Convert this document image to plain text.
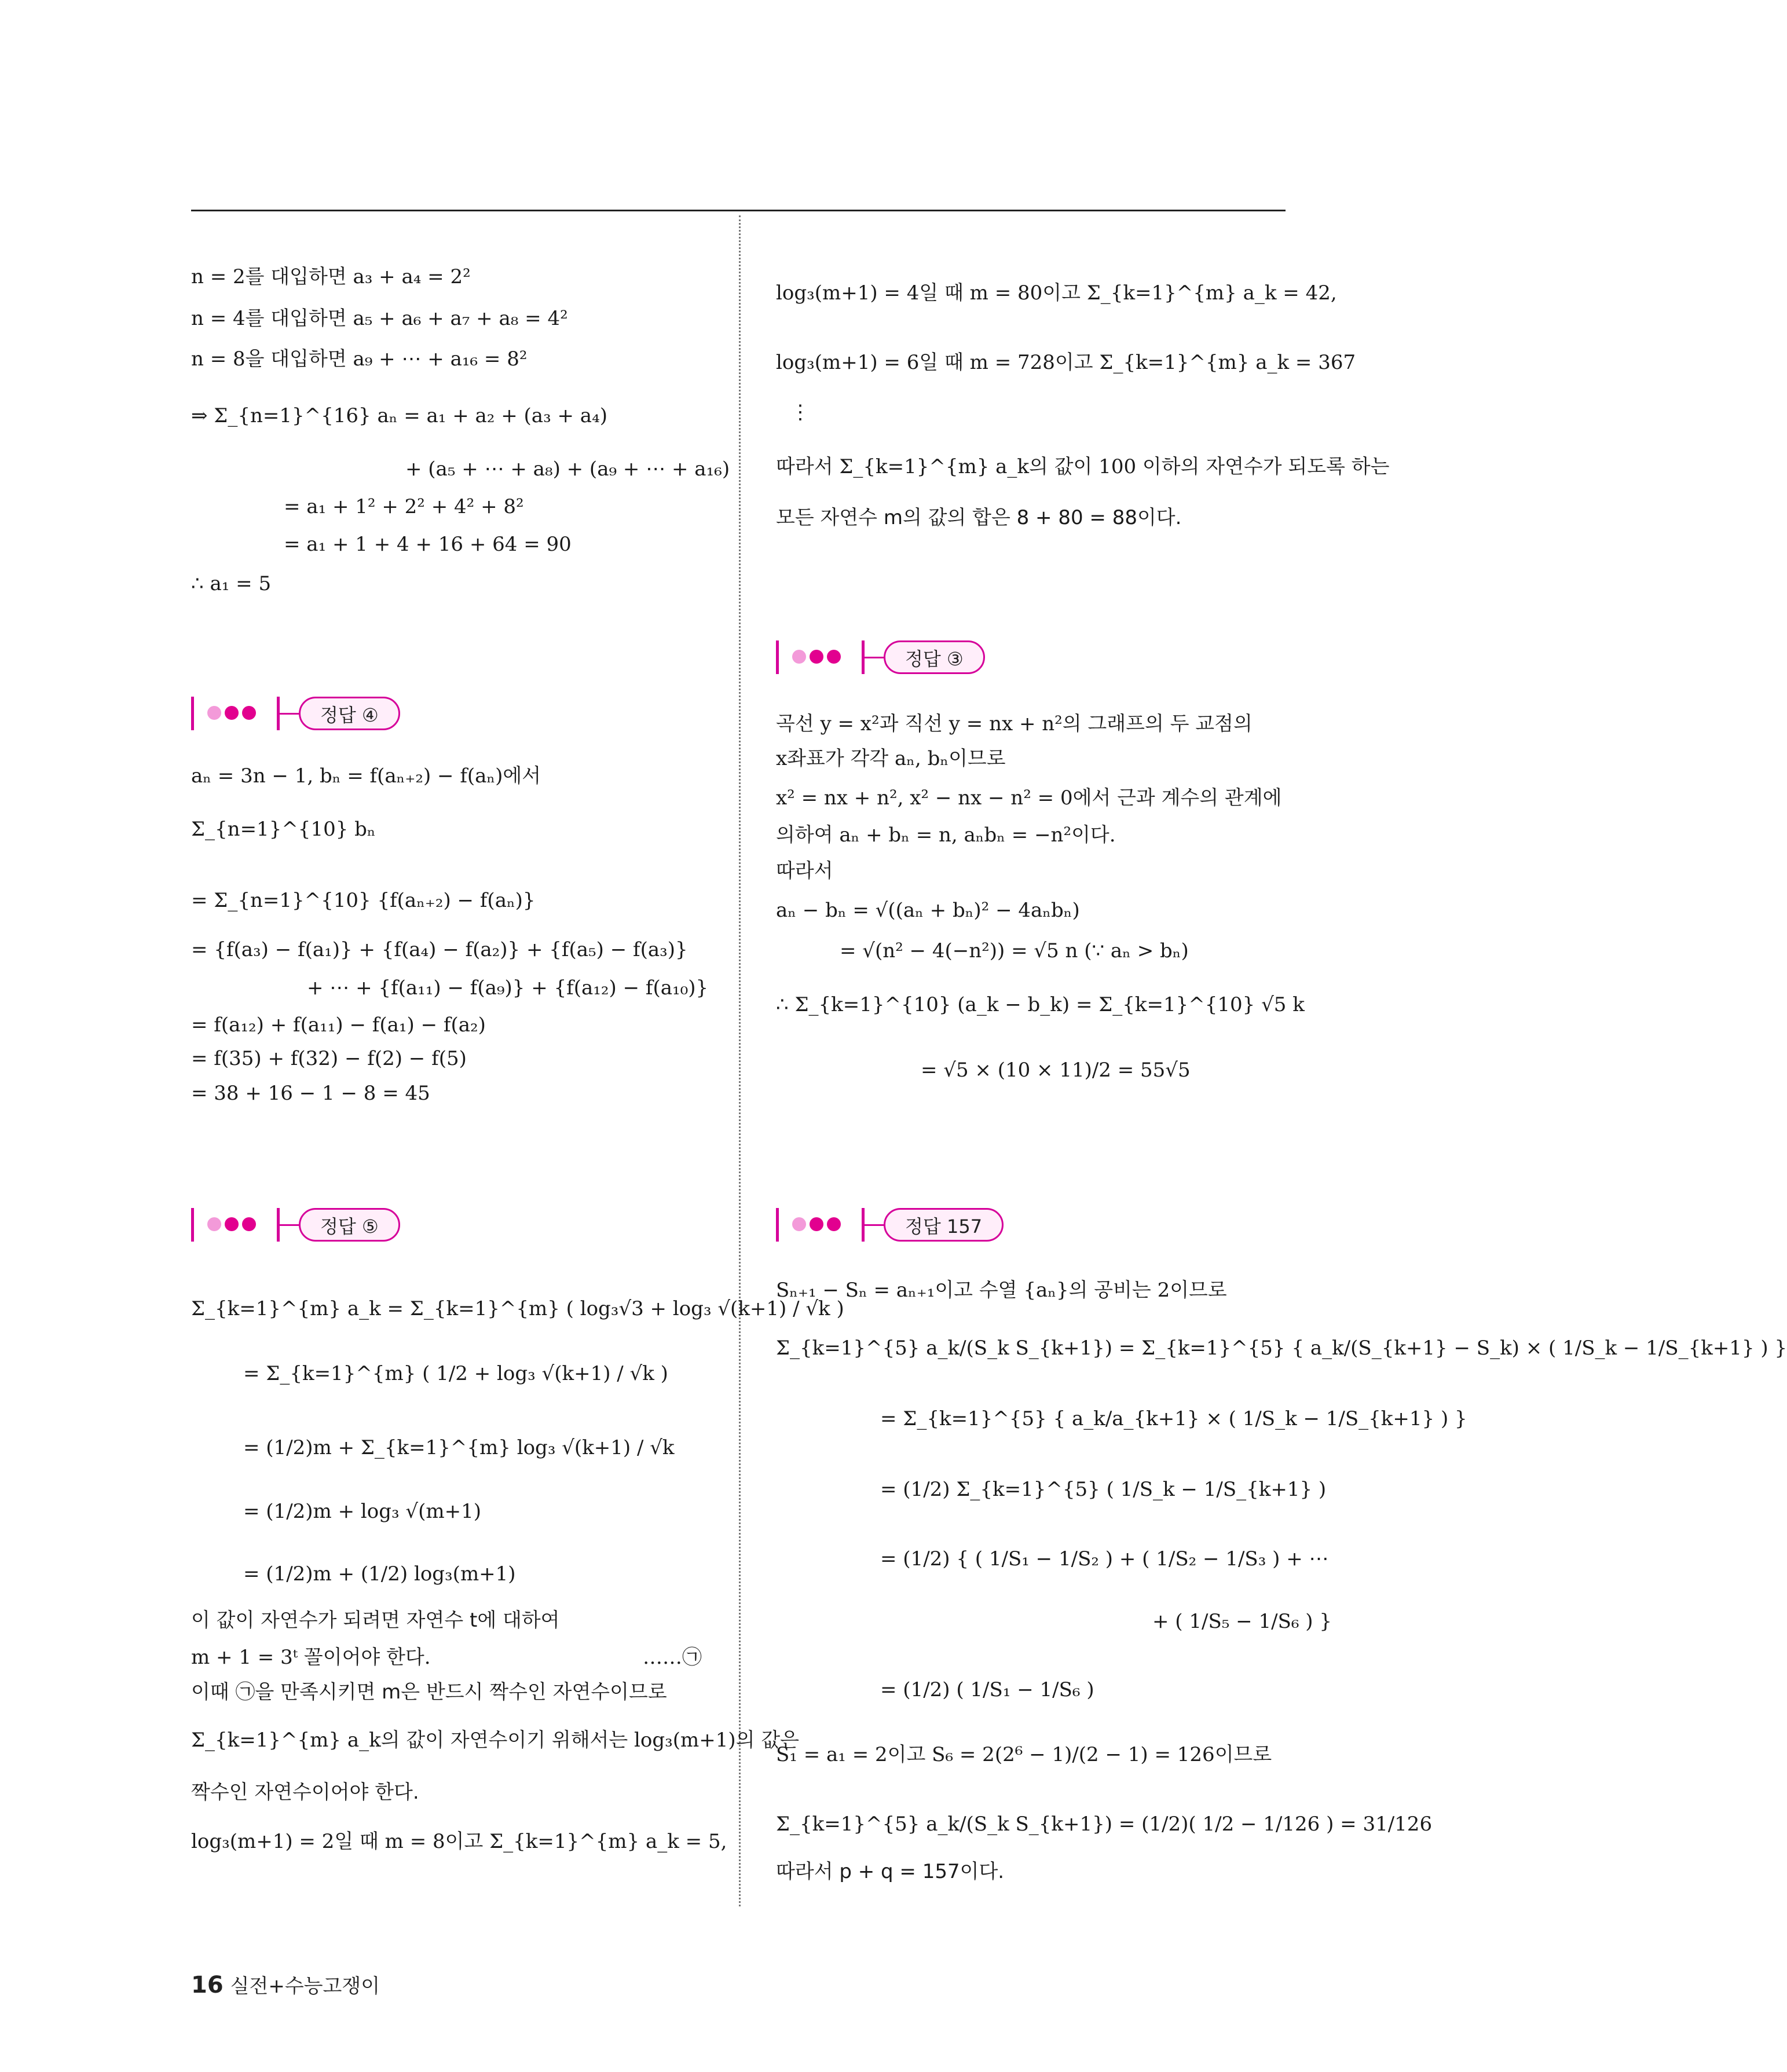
n = 2를 대입하면 a₃ + a₄ = 2²
n = 4를 대입하면 a₅ + a₆ + a₇ + a₈ = 4²
n = 8을 대입하면 a₉ + ⋯ + a₁₆ = 8²
⇒ Σ_{n=1}^{16} aₙ = a₁ + a₂ + (a₃ + a₄)
+ (a₅ + ⋯ + a₈) + (a₉ + ⋯ + a₁₆)
= a₁ + 1² + 2² + 4² + 8²
= a₁ + 1 + 4 + 16 + 64 = 90
∴ a₁ = 5
정답 ④
aₙ = 3n − 1, bₙ = f(aₙ₊₂) − f(aₙ)에서
Σ_{n=1}^{10} bₙ
= Σ_{n=1}^{10} {f(aₙ₊₂) − f(aₙ)}
= {f(a₃) − f(a₁)} + {f(a₄) − f(a₂)} + {f(a₅) − f(a₃)}
+ ⋯ + {f(a₁₁) − f(a₉)} + {f(a₁₂) − f(a₁₀)}
= f(a₁₂) + f(a₁₁) − f(a₁) − f(a₂)
= f(35) + f(32) − f(2) − f(5)
= 38 + 16 − 1 − 8 = 45
정답 ⑤
Σ_{k=1}^{m} a_k = Σ_{k=1}^{m} ( log₃√3 + log₃ √(k+1) / √k )
= Σ_{k=1}^{m} ( 1/2 + log₃ √(k+1) / √k )
= (1/2)m + Σ_{k=1}^{m} log₃ √(k+1) / √k
= (1/2)m + log₃ √(m+1)
= (1/2)m + (1/2) log₃(m+1)
이 값이 자연수가 되려면 자연수 t에 대하여
m + 1 = 3ᵗ 꼴이어야 한다.	……㉠
이때 ㉠을 만족시키면 m은 반드시 짝수인 자연수이므로
Σ_{k=1}^{m} a_k의 값이 자연수이기 위해서는 log₃(m+1)의 값은
짝수인 자연수이어야 한다.
log₃(m+1) = 2일 때 m = 8이고 Σ_{k=1}^{m} a_k = 5,
log₃(m+1) = 4일 때 m = 80이고 Σ_{k=1}^{m} a_k = 42,
log₃(m+1) = 6일 때 m = 728이고 Σ_{k=1}^{m} a_k = 367
⋮
따라서 Σ_{k=1}^{m} a_k의 값이 100 이하의 자연수가 되도록 하는
모든 자연수 m의 값의 합은 8 + 80 = 88이다.
정답 ③
곡선 y = x²과 직선 y = nx + n²의 그래프의 두 교점의
x좌표가 각각 aₙ, bₙ이므로
x² = nx + n², x² − nx − n² = 0에서 근과 계수의 관계에
의하여 aₙ + bₙ = n, aₙbₙ = −n²이다.
따라서
aₙ − bₙ = √((aₙ + bₙ)² − 4aₙbₙ)
= √(n² − 4(−n²)) = √5 n (∵ aₙ > bₙ)
∴ Σ_{k=1}^{10} (a_k − b_k) = Σ_{k=1}^{10} √5 k
= √5 × (10 × 11)/2 = 55√5
정답 157
Sₙ₊₁ − Sₙ = aₙ₊₁이고 수열 {aₙ}의 공비는 2이므로
Σ_{k=1}^{5} a_k/(S_k S_{k+1}) = Σ_{k=1}^{5} { a_k/(S_{k+1} − S_k) × ( 1/S_k − 1/S_{k+1} ) }
= Σ_{k=1}^{5} { a_k/a_{k+1} × ( 1/S_k − 1/S_{k+1} ) }
= (1/2) Σ_{k=1}^{5} ( 1/S_k − 1/S_{k+1} )
= (1/2) { ( 1/S₁ − 1/S₂ ) + ( 1/S₂ − 1/S₃ ) + ⋯
+ ( 1/S₅ − 1/S₆ ) }
= (1/2) ( 1/S₁ − 1/S₆ )
S₁ = a₁ = 2이고 S₆ = 2(2⁶ − 1)/(2 − 1) = 126이므로
Σ_{k=1}^{5} a_k/(S_k S_{k+1}) = (1/2)( 1/2 − 1/126 ) = 31/126
따라서 p + q = 157이다.
16 실전+수능고쟁이
